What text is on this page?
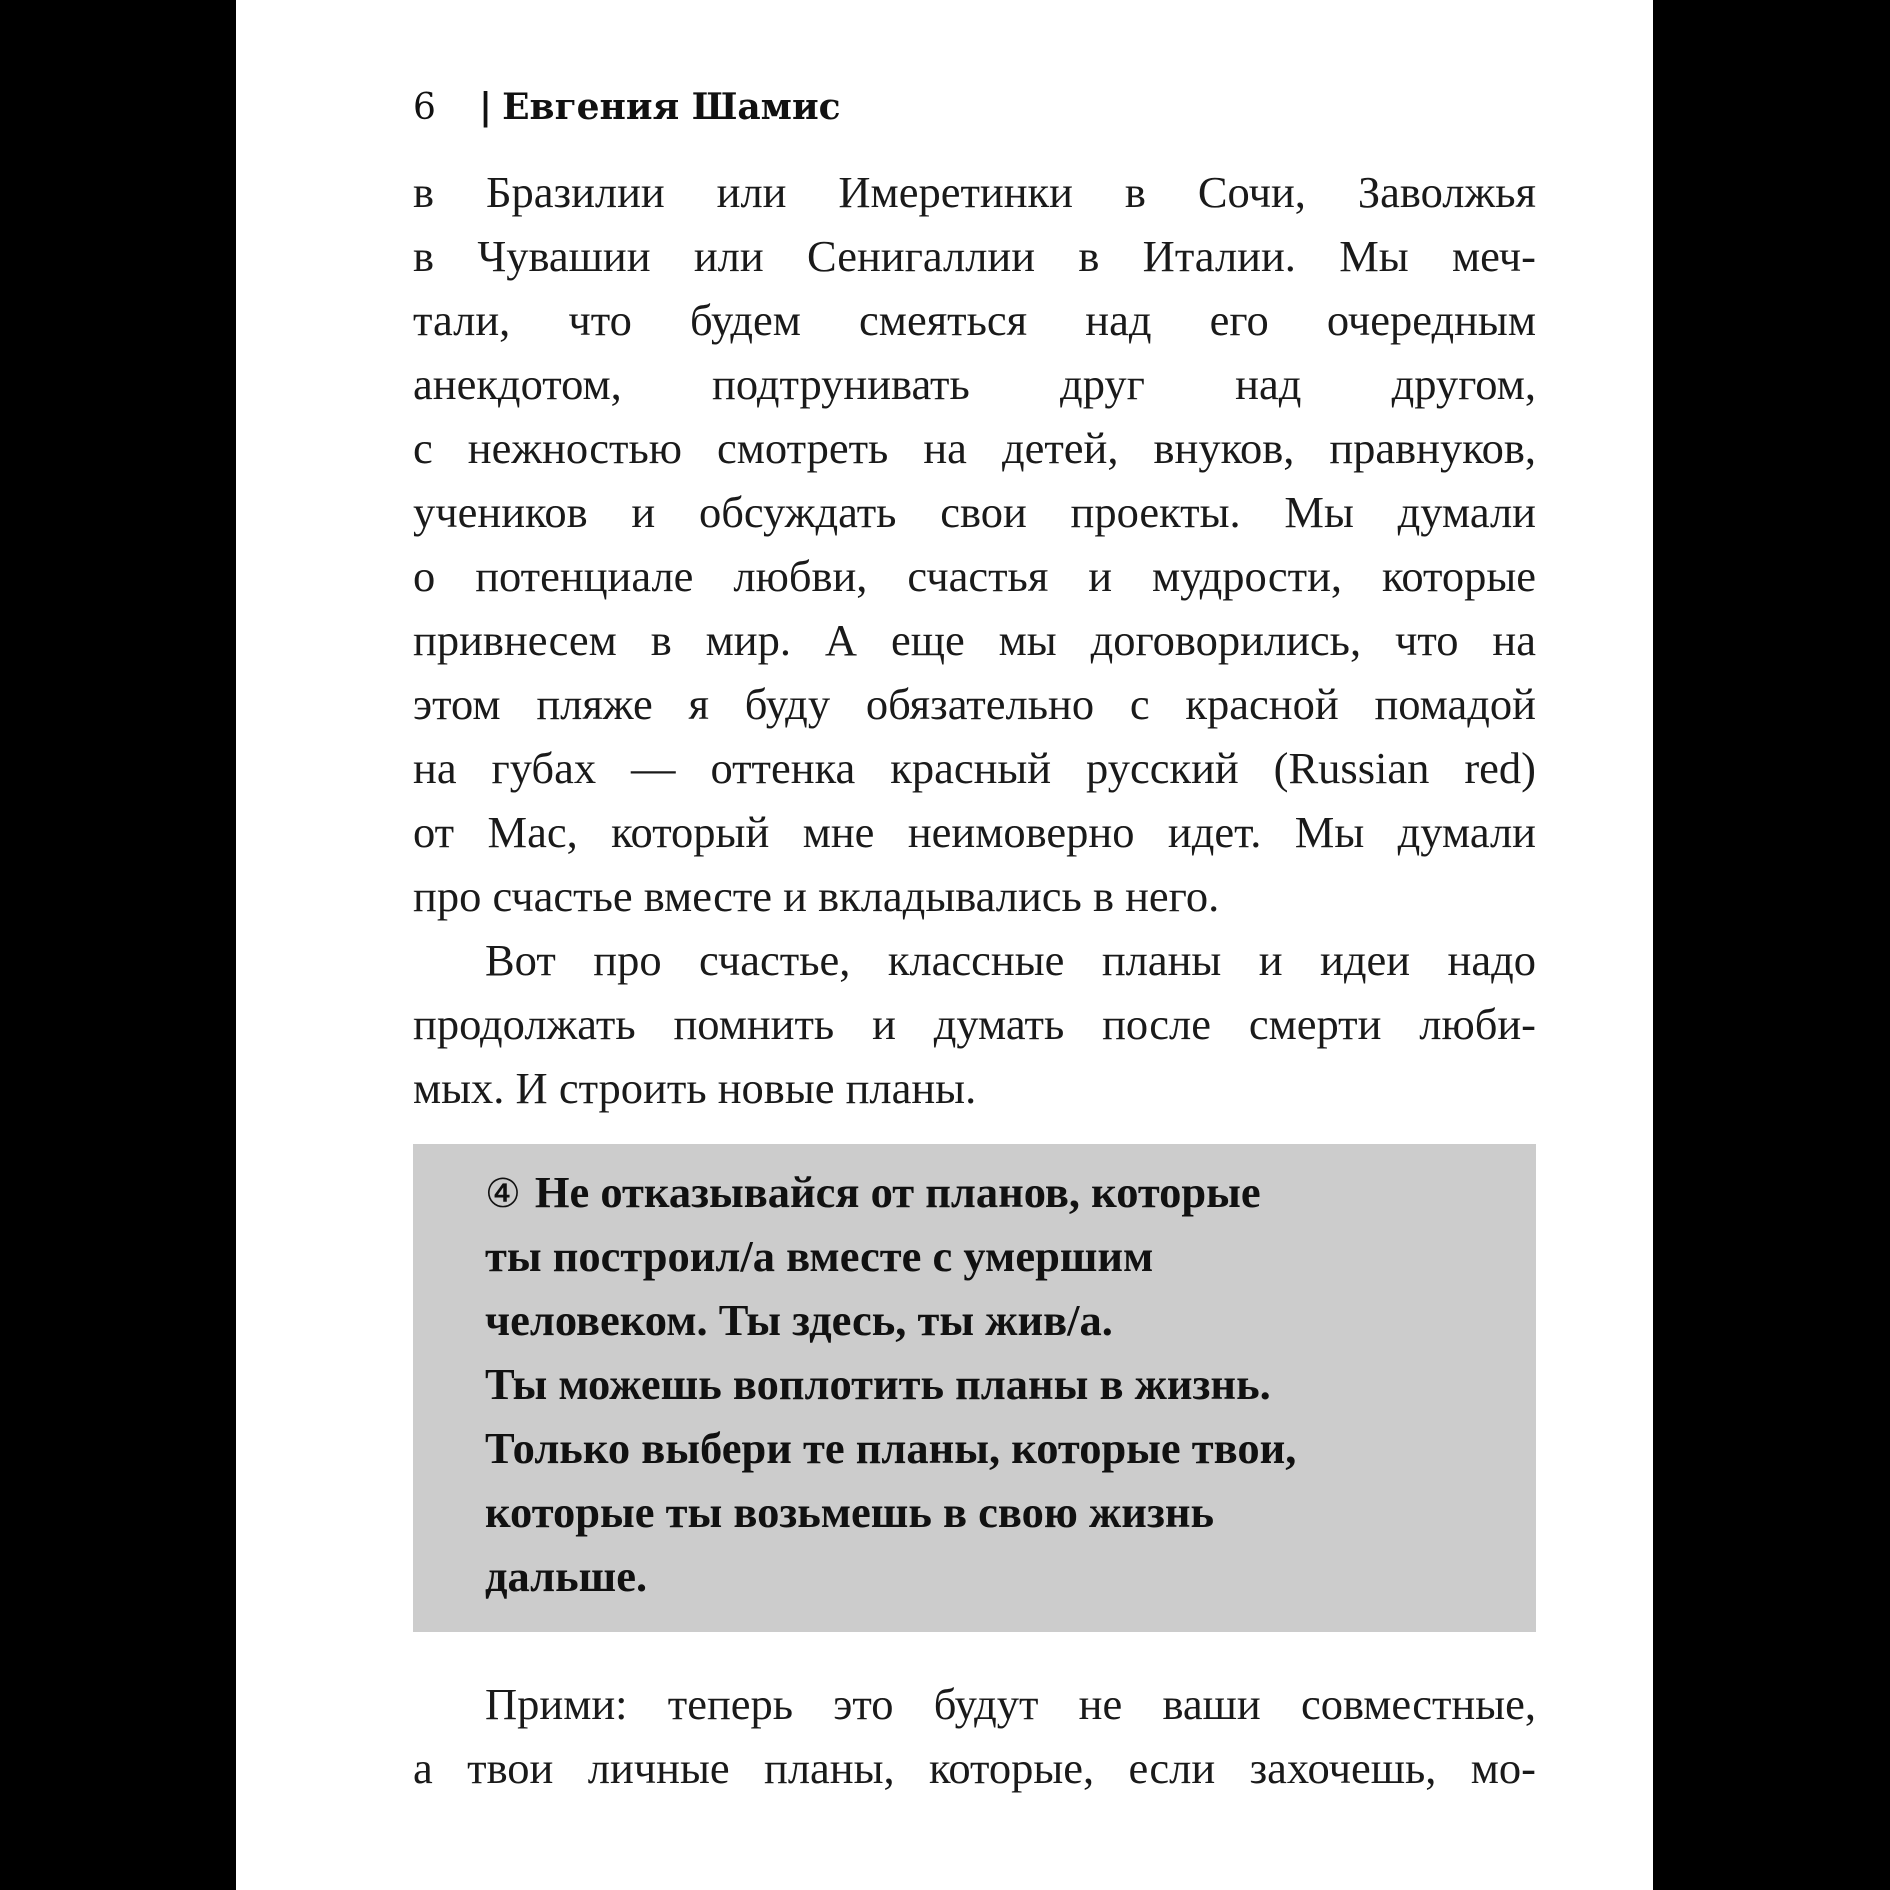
6 | Евгения Шамис
в Бразилии или Имеретинки в Сочи, Заволжья
в Чувашии или Сенигаллии в Италии. Мы меч-
тали, что будем смеяться над его очередным
анекдотом, подтрунивать друг над другом,
с нежностью смотреть на детей, внуков, правнуков,
учеников и обсуждать свои проекты. Мы думали
о потенциале любви, счастья и мудрости, которые
привнесем в мир. А еще мы договорились, что на
этом пляже я буду обязательно с красной помадой
на губах — оттенка красный русский (Russian red)
от Мас, который мне неимоверно идет. Мы думали
про счастье вместе и вкладывались в него.
Вот про счастье, классные планы и идеи надо
продолжать помнить и думать после смерти люби-
мых. И строить новые планы.
④ Не отказывайся от планов, которые
ты построил/а вместе с умершим
человеком. Ты здесь, ты жив/а.
Ты можешь воплотить планы в жизнь.
Только выбери те планы, которые твои,
которые ты возьмешь в свою жизнь
дальше.
Прими: теперь это будут не ваши совместные,
а твои личные планы, которые, если захочешь, мо-
